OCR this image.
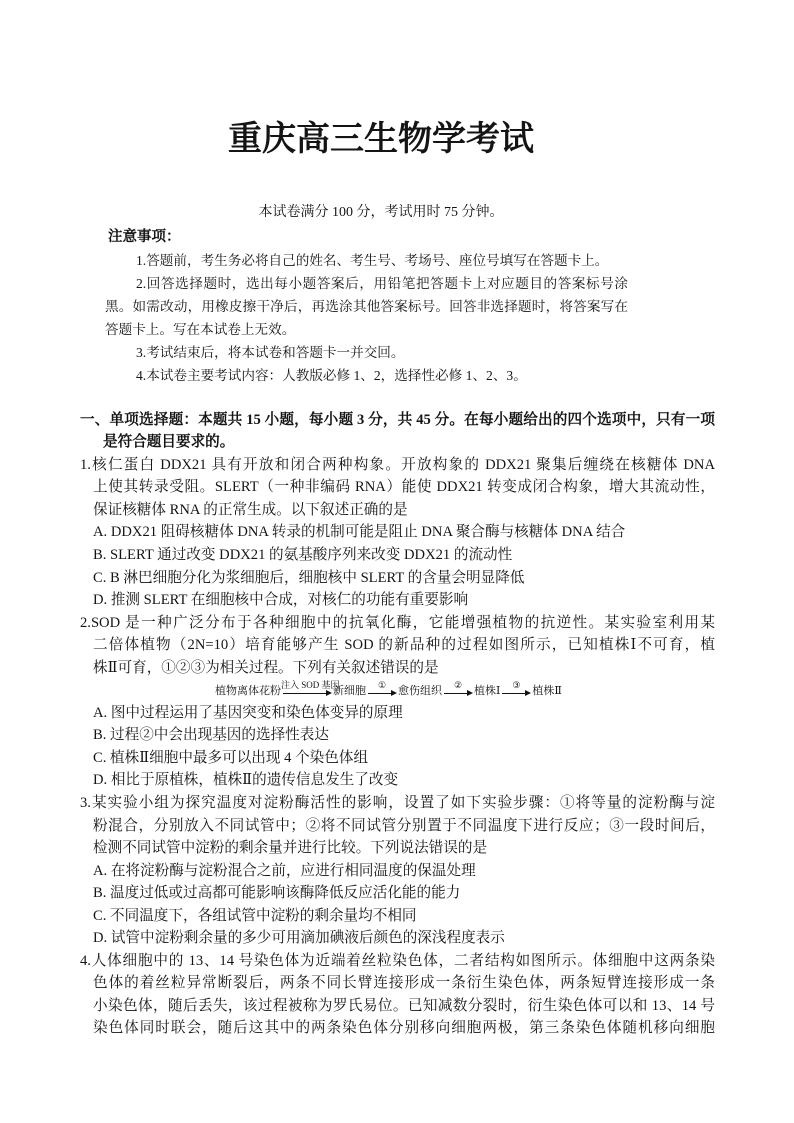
重庆高三生物学考试
本试卷满分 100 分，考试用时 75 分钟。
注意事项：
1.答题前，考生务必将自己的姓名、考生号、考场号、座位号填写在答题卡上。
2.回答选择题时，选出每小题答案后，用铅笔把答题卡上对应题目的答案标号涂
黑。如需改动，用橡皮擦干净后，再选涂其他答案标号。回答非选择题时，将答案写在
答题卡上。写在本试卷上无效。
3.考试结束后，将本试卷和答题卡一并交回。
4.本试卷主要考试内容：人教版必修 1、2，选择性必修 1、2、3。
一、单项选择题：本题共 15 小题，每小题 3 分，共 45 分。在每小题给出的四个选项中，只有一项
是符合题目要求的。
1.核仁蛋白 DDX21 具有开放和闭合两种构象。开放构象的 DDX21 聚集后缠绕在核糖体 DNA
上使其转录受阻。SLERT（一种非编码 RNA）能使 DDX21 转变成闭合构象，增大其流动性，
保证核糖体 RNA 的正常生成。以下叙述正确的是
A. DDX21 阻碍核糖体 DNA 转录的机制可能是阻止 DNA 聚合酶与核糖体 DNA 结合
B. SLERT 通过改变 DDX21 的氨基酸序列来改变 DDX21 的流动性
C. B 淋巴细胞分化为浆细胞后，细胞核中 SLERT 的含量会明显降低
D. 推测 SLERT 在细胞核中合成，对核仁的功能有重要影响
2.SOD 是一种广泛分布于各种细胞中的抗氧化酶，它能增强植物的抗逆性。某实验室利用某
二倍体植物（2N=10）培育能够产生 SOD 的新品种的过程如图所示，已知植株Ⅰ不可育，植
株Ⅱ可育，①②③为相关过程。下列有关叙述错误的是
植物离体花粉 注入 SOD 基因
新细胞	①	愈伤组织	②	植株Ⅰ	③	植株Ⅱ
A. 图中过程运用了基因突变和染色体变异的原理
B. 过程②中会出现基因的选择性表达
C. 植株Ⅱ细胞中最多可以出现 4 个染色体组
D. 相比于原植株，植株Ⅱ的遗传信息发生了改变
3.某实验小组为探究温度对淀粉酶活性的影响，设置了如下实验步骤：①将等量的淀粉酶与淀
粉混合，分别放入不同试管中；②将不同试管分别置于不同温度下进行反应；③一段时间后，
检测不同试管中淀粉的剩余量并进行比较。下列说法错误的是
A. 在将淀粉酶与淀粉混合之前，应进行相同温度的保温处理
B. 温度过低或过高都可能影响该酶降低反应活化能的能力
C. 不同温度下，各组试管中淀粉的剩余量均不相同
D. 试管中淀粉剩余量的多少可用滴加碘液后颜色的深浅程度表示
4.人体细胞中的 13、14 号染色体为近端着丝粒染色体，二者结构如图所示。体细胞中这两条染
色体的着丝粒异常断裂后，两条不同长臂连接形成一条衍生染色体，两条短臂连接形成一条
小染色体，随后丢失，该过程被称为罗氏易位。已知减数分裂时，衍生染色体可以和 13、14 号
染色体同时联会，随后这其中的两条染色体分别移向细胞两极，第三条染色体随机移向细胞
